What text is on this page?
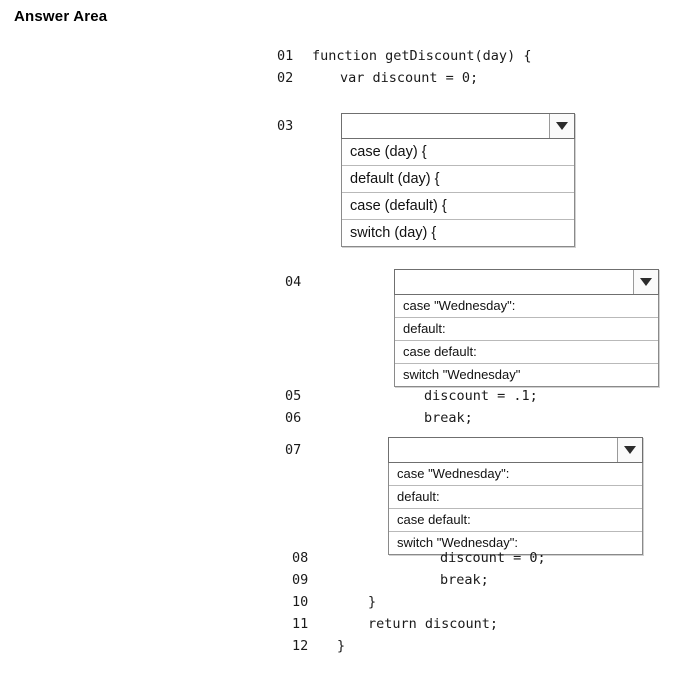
Answer Area
01 function getDiscount(day) {
02	var discount = 0;
03
case (day) {
default (day) {
case (default) {
switch (day) {
04
case "Wednesday":
default:
case default:
switch "Wednesday"
05	discount = .1;
06	break;
07
case "Wednesday":
default:
case default:
switch "Wednesday":
08	discount = 0;
09	break;
10	}
11	return discount;
12 }
